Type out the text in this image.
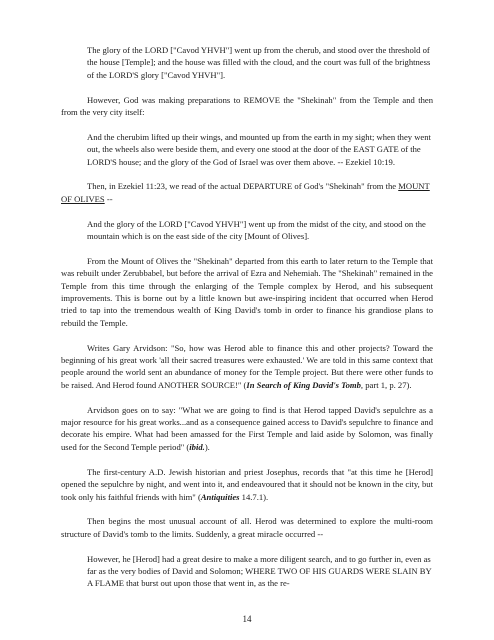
The glory of the LORD ["Cavod YHVH"] went up from the cherub, and stood over the threshold of the house [Temple]; and the house was filled with the cloud, and the court was full of the brightness of the LORD'S glory ["Cavod YHVH"].

However, God was making preparations to REMOVE the "Shekinah" from the Temple and then from the very city itself:

And the cherubim lifted up their wings, and mounted up from the earth in my sight; when they went out, the wheels also were beside them, and every one stood at the door of the EAST GATE of the LORD'S house; and the glory of the God of Israel was over them above. -- Ezekiel 10:19.

Then, in Ezekiel 11:23, we read of the actual DEPARTURE of God's "Shekinah" from the MOUNT OF OLIVES --

And the glory of the LORD ["Cavod YHVH"] went up from the midst of the city, and stood on the mountain which is on the east side of the city [Mount of Olives].

From the Mount of Olives the "Shekinah" departed from this earth to later return to the Temple that was rebuilt under Zerubbabel, but before the arrival of Ezra and Nehemiah. The "Shekinah" remained in the Temple from this time through the enlarging of the Temple complex by Herod, and his subsequent improvements. This is borne out by a little known but awe-inspiring incident that occurred when Herod tried to tap into the tremendous wealth of King David's tomb in order to finance his grandiose plans to rebuild the Temple.

Writes Gary Arvidson: "So, how was Herod able to finance this and other projects? Toward the beginning of his great work 'all their sacred treasures were exhausted.' We are told in this same context that people around the world sent an abundance of money for the Temple project. But there were other funds to be raised. And Herod found ANOTHER SOURCE!" (In Search of King David's Tomb, part 1, p. 27).

Arvidson goes on to say: "What we are going to find is that Herod tapped David's sepulchre as a major resource for his great works...and as a consequence gained access to David's sepulchre to finance and decorate his empire. What had been amassed for the First Temple and laid aside by Solomon, was finally used for the Second Temple period" (ibid.).

The first-century A.D. Jewish historian and priest Josephus, records that "at this time he [Herod] opened the sepulchre by night, and went into it, and endeavoured that it should not be known in the city, but took only his faithful friends with him" (Antiquities 14.7.1).

Then begins the most unusual account of all. Herod was determined to explore the multi-room structure of David's tomb to the limits. Suddenly, a great miracle occurred --

However, he [Herod] had a great desire to make a more diligent search, and to go further in, even as far as the very bodies of David and Solomon; WHERE TWO OF HIS GUARDS WERE SLAIN BY A FLAME that burst out upon those that went in, as the re-

14
